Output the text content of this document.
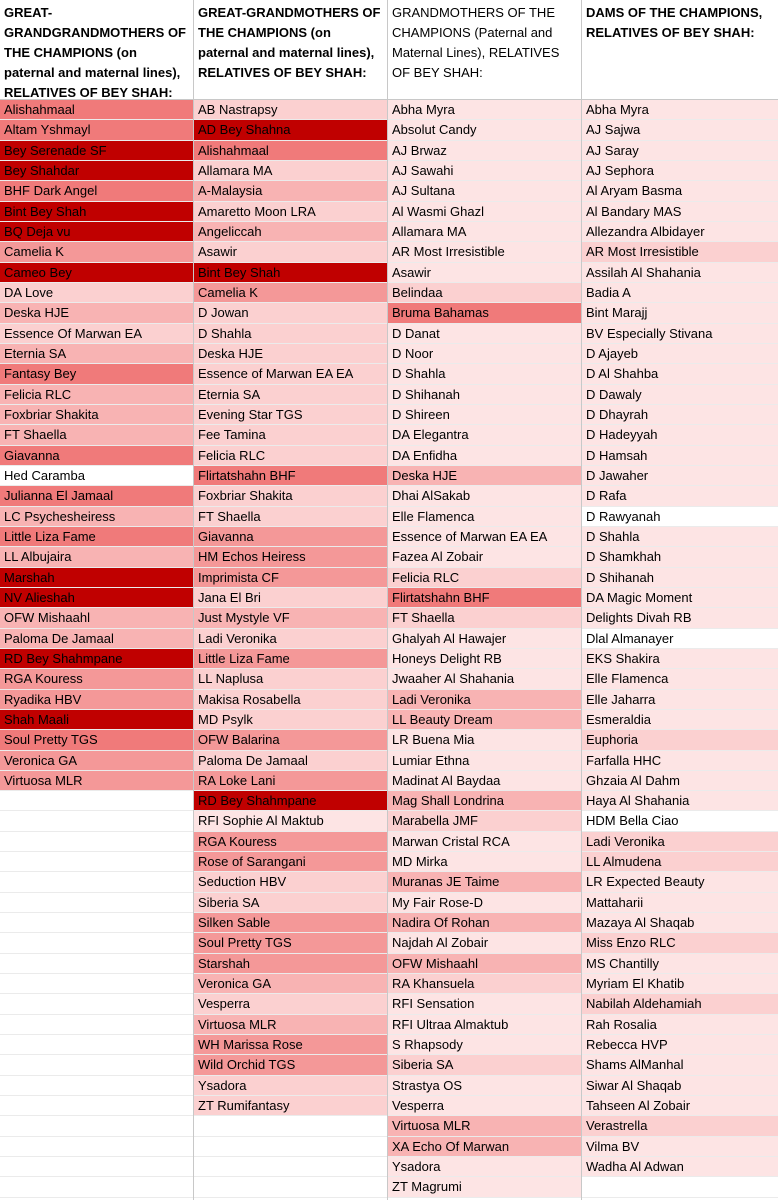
GREAT-GRANDGRANDMOTHERS OF THE CHAMPIONS (on paternal and maternal lines), RELATIVES OF BEY SHAH:
Alishahmaal
Altam Yshmayl
Bey Serenade SF
Bey Shahdar
BHF Dark Angel
Bint Bey Shah
BQ Deja vu
Camelia K
Cameo Bey
DA Love
Deska HJE
Essence Of Marwan EA
Eternia SA
Fantasy Bey
Felicia RLC
Foxbriar Shakita
FT Shaella
Giavanna
Hed Caramba
Julianna El Jamaal
LC Psychesheiress
Little Liza Fame
LL Albujaira
Marshah
NV Alieshah
OFW Mishaahl
Paloma De Jamaal
RD Bey Shahmpane
RGA Kouress
Ryadika HBV
Shah Maali
Soul Pretty TGS
Veronica GA
Virtuosa MLR
GREAT-GRANDMOTHERS OF THE CHAMPIONS (on paternal and maternal lines), RELATIVES OF BEY SHAH:
AB Nastrapsy
AD Bey Shahna
Alishahmaal
Allamara MA
A-Malaysia
Amaretto Moon LRA
Angeliccah
Asawir
Bint Bey Shah
Camelia K
D Jowan
D Shahla
Deska HJE
Essence of Marwan EA EA
Eternia SA
Evening Star TGS
Fee Tamina
Felicia RLC
Flirtatshahn BHF
Foxbriar Shakita
FT Shaella
Giavanna
HM Echos Heiress
Imprimista CF
Jana El Bri
Just Mystyle VF
Ladi Veronika
Little Liza Fame
LL Naplusa
Makisa Rosabella
MD Psylk
OFW Balarina
Paloma De Jamaal
RA Loke Lani
RD Bey Shahmpane
RFI Sophie Al Maktub
RGA Kouress
Rose of Sarangani
Seduction HBV
Siberia SA
Silken Sable
Soul Pretty TGS
Starshah
Veronica GA
Vesperra
Virtuosa MLR
WH Marissa Rose
Wild Orchid TGS
Ysadora
ZT Rumifantasy
GRANDMOTHERS OF THE CHAMPIONS (Paternal and Maternal Lines), RELATIVES OF BEY SHAH:
Abha Myra
Absolut Candy
AJ Brwaz
AJ Sawahi
AJ Sultana
Al Wasmi Ghazl
Allamara MA
AR Most Irresistible
Asawir
Belindaa
Bruma Bahamas
D Danat
D Noor
D Shahla
D Shihanah
D Shireen
DA Elegantra
DA Enfidha
Deska HJE
Dhai AlSakab
Elle Flamenca
Essence of Marwan EA EA
Fazea Al Zobair
Felicia RLC
Flirtatshahn BHF
FT Shaella
Ghalyah Al Hawajer
Honeys Delight RB
Jwaaher Al Shahania
Ladi Veronika
LL Beauty Dream
LR Buena Mia
Lumiar Ethna
Madinat Al Baydaa
Mag Shall Londrina
Marabella JMF
Marwan Cristal RCA
MD Mirka
Muranas JE Taime
My Fair Rose-D
Nadira Of Rohan
Najdah Al Zobair
OFW Mishaahl
RA Khansuela
RFI Sensation
RFI Ultraa Almaktub
S Rhapsody
Siberia SA
Strastya OS
Vesperra
Virtuosa MLR
XA Echo Of Marwan
Ysadora
ZT Magrumi
DAMS OF THE CHAMPIONS, RELATIVES OF BEY SHAH:
Abha Myra
AJ Sajwa
AJ Saray
AJ Sephora
Al Aryam Basma
Al Bandary MAS
Allezandra Albidayer
AR Most Irresistible
Assilah Al Shahania
Badia A
Bint Marajj
BV Especially Stivana
D Ajayeb
D Al Shahba
D Dawaly
D Dhayrah
D Hadeyyah
D Hamsah
D Jawaher
D Rafa
D Rawyanah
D Shahla
D Shamkhah
D Shihanah
DA Magic Moment
Delights Divah RB
Dlal Almanayer
EKS Shakira
Elle Flamenca
Elle Jaharra
Esmeraldia
Euphoria
Farfalla HHC
Ghzaia Al Dahm
Haya Al Shahania
HDM Bella Ciao
Ladi Veronika
LL Almudena
LR Expected Beauty
Mattaharii
Mazaya Al Shaqab
Miss Enzo RLC
MS Chantilly
Myriam El Khatib
Nabilah Aldehamiah
Rah Rosalia
Rebecca HVP
Shams AlManhal
Siwar Al Shaqab
Tahseen Al Zobair
Verastrella
Vilma BV
Wadha Al Adwan
